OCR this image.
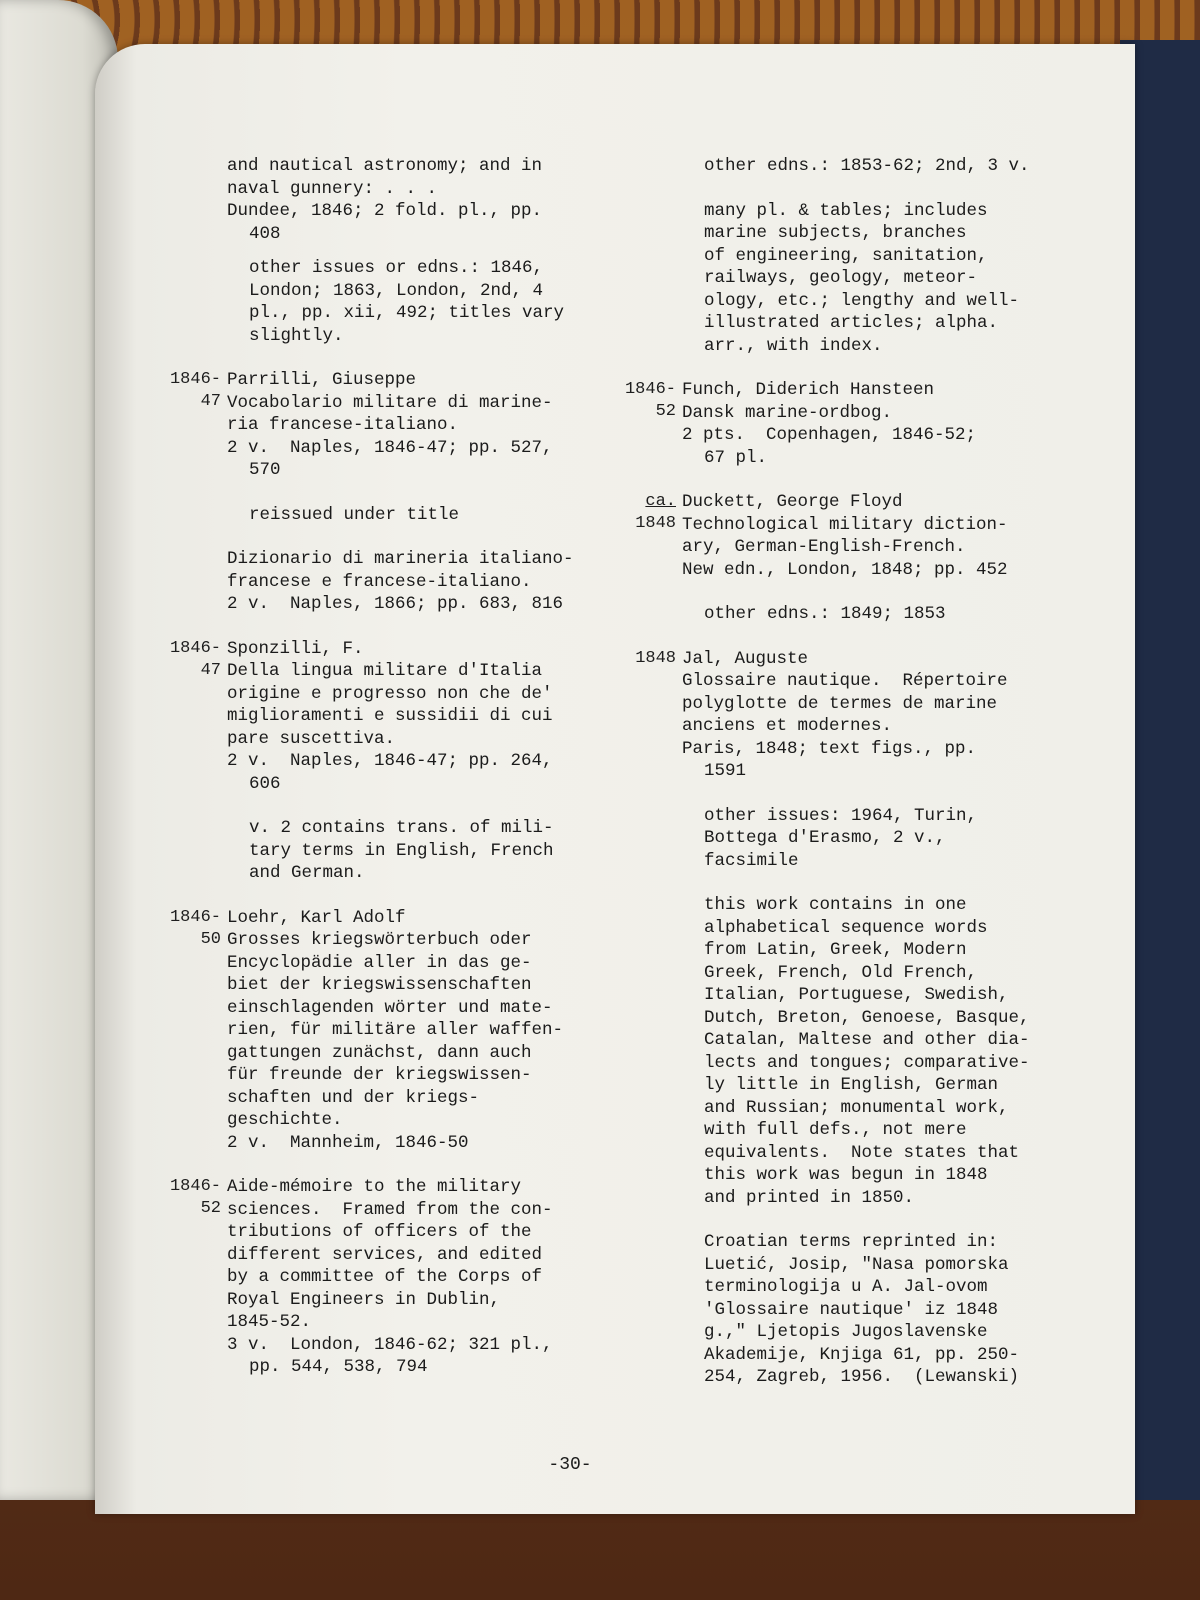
and nautical astronomy; and in
naval gunnery: . . .
Dundee, 1846; 2 fold. pl., pp.
408
other issues or edns.: 1846,
London; 1863, London, 2nd, 4
pl., pp. xii, 492; titles vary
slightly.
1846-
47
Parrilli, Giuseppe
Vocabolario militare di marine-
ria francese-italiano.
2 v.  Naples, 1846-47; pp. 527,
570
reissued under title
Dizionario di marineria italiano-
francese e francese-italiano.
2 v.  Naples, 1866; pp. 683, 816
1846-
47
Sponzilli, F.
Della lingua militare d'Italia
origine e progresso non che de'
miglioramenti e sussidii di cui
pare suscettiva.
2 v.  Naples, 1846-47; pp. 264,
606
v. 2 contains trans. of mili-
tary terms in English, French
and German.
1846-
50
Loehr, Karl Adolf
Grosses kriegswörterbuch oder
Encyclopädie aller in das ge-
biet der kriegswissenschaften
einschlagenden wörter und mate-
rien, für militäre aller waffen-
gattungen zunächst, dann auch
für freunde der kriegswissen-
schaften und der kriegs-
geschichte.
2 v.  Mannheim, 1846-50
1846-
52
Aide-mémoire to the military
sciences.  Framed from the con-
tributions of officers of the
different services, and edited
by a committee of the Corps of
Royal Engineers in Dublin,
1845-52.
3 v.  London, 1846-62; 321 pl.,
pp. 544, 538, 794
other edns.: 1853-62; 2nd, 3 v.
many pl. & tables; includes
marine subjects, branches
of engineering, sanitation,
railways, geology, meteor-
ology, etc.; lengthy and well-
illustrated articles; alpha.
arr., with index.
1846-
52
Funch, Diderich Hansteen
Dansk marine-ordbog.
2 pts.  Copenhagen, 1846-52;
67 pl.
ca.
1848
Duckett, George Floyd
Technological military diction-
ary, German-English-French.
New edn., London, 1848; pp. 452
other edns.: 1849; 1853
1848 Jal, Auguste
Glossaire nautique.  Répertoire
polyglotte de termes de marine
anciens et modernes.
Paris, 1848; text figs., pp.
1591
other issues: 1964, Turin,
Bottega d'Erasmo, 2 v.,
facsimile
this work contains in one
alphabetical sequence words
from Latin, Greek, Modern
Greek, French, Old French,
Italian, Portuguese, Swedish,
Dutch, Breton, Genoese, Basque,
Catalan, Maltese and other dia-
lects and tongues; comparative-
ly little in English, German
and Russian; monumental work,
with full defs., not mere
equivalents.  Note states that
this work was begun in 1848
and printed in 1850.
Croatian terms reprinted in:
Luetić, Josip, "Nasa pomorska
terminologija u A. Jal-ovom
'Glossaire nautique' iz 1848
g.," Ljetopis Jugoslavenske
Akademije, Knjiga 61, pp. 250-
254, Zagreb, 1956.  (Lewanski)
-30-
